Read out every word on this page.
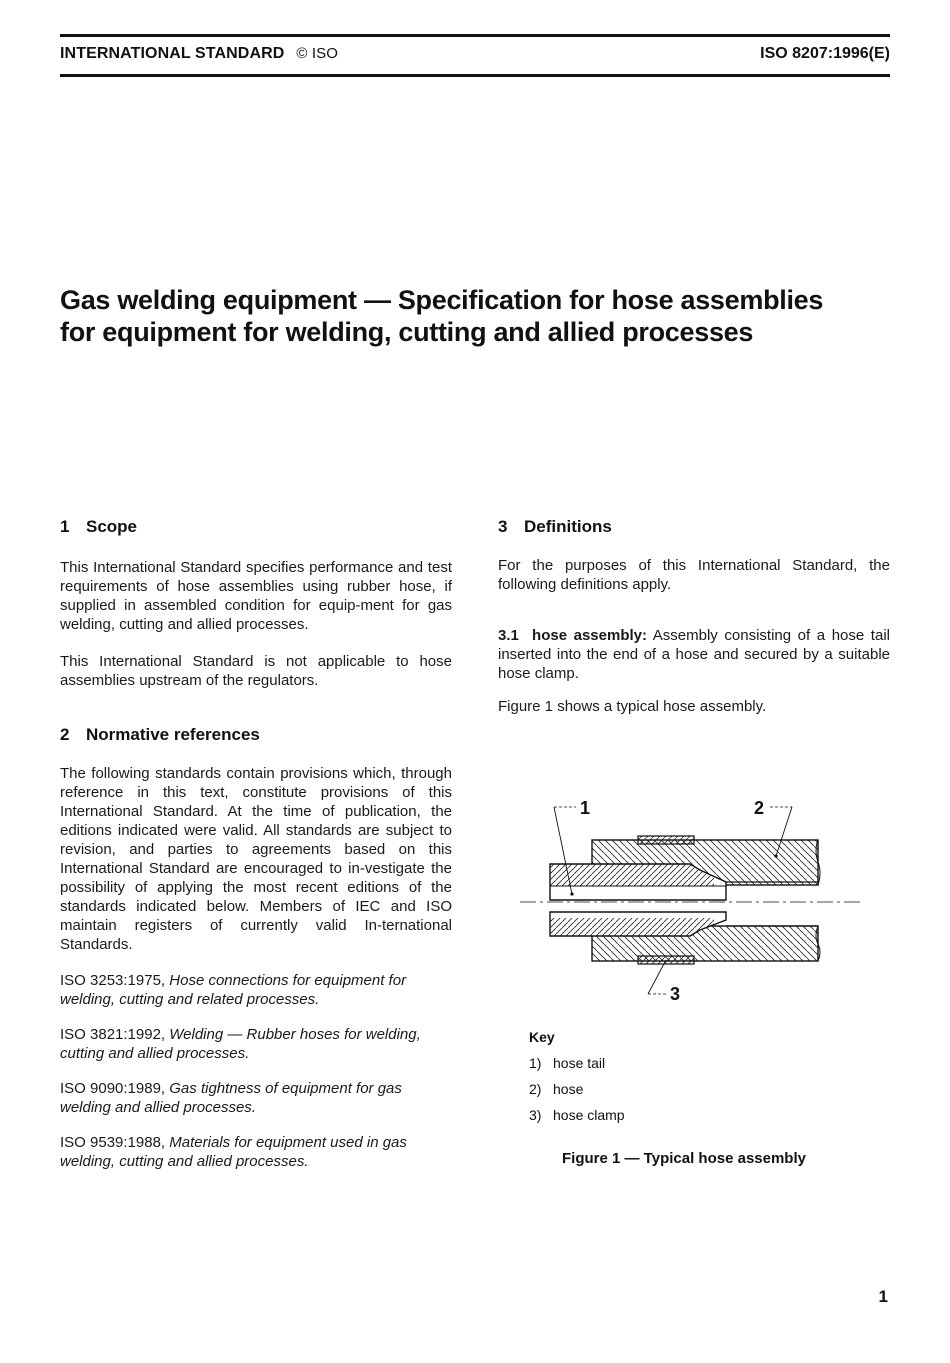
INTERNATIONAL STANDARD © ISO	ISO 8207:1996(E)
Gas welding equipment — Specification for hose assemblies
for equipment for welding, cutting and allied processes
1 Scope

This International Standard specifies performance and test requirements of hose assemblies using rubber hose, if supplied in assembled condition for equip-ment for gas welding, cutting and allied processes.

This International Standard is not applicable to hose assemblies upstream of the regulators.

2 Normative references

The following standards contain provisions which, through reference in this text, constitute provisions of this International Standard. At the time of publication, the editions indicated were valid. All standards are subject to revision, and parties to agreements based on this International Standard are encouraged to in-vestigate the possibility of applying the most recent editions of the standards indicated below. Members of IEC and ISO maintain registers of currently valid In-ternational Standards.

ISO 3253:1975, Hose connections for equipment for welding, cutting and related processes.

ISO 3821:1992, Welding — Rubber hoses for welding, cutting and allied processes.

ISO 9090:1989, Gas tightness of equipment for gas welding and allied processes.

ISO 9539:1988, Materials for equipment used in gas welding, cutting and allied processes.

3 Definitions

For the purposes of this International Standard, the following definitions apply.

3.1 hose assembly: Assembly consisting of a hose tail inserted into the end of a hose and secured by a suitable hose clamp.

Figure 1 shows a typical hose assembly.

1	2
3
Key
1) hose tail
2) hose
3) hose clamp
Figure 1 — Typical hose assembly
1
